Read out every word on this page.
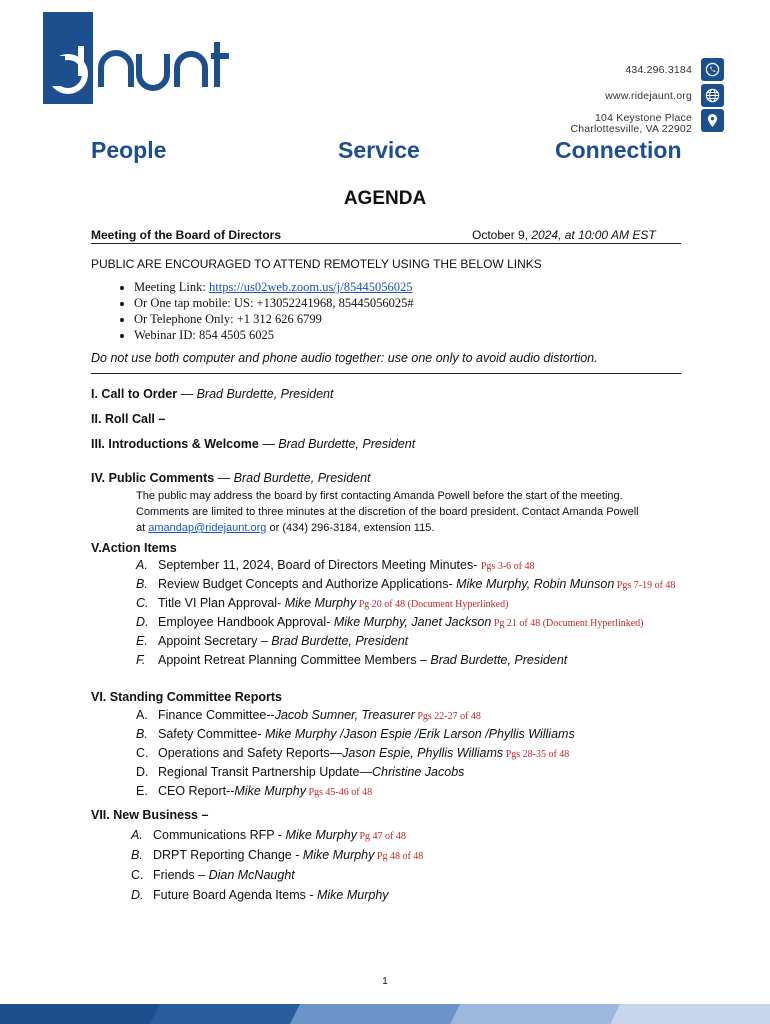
Jaunt
434.296.3184
www.ridejaunt.org
104 Keystone Place
Charlottesville, VA 22902
People	Service	Connection
AGENDA
Meeting of the Board of Directors	October 9, 2024, at 10:00 AM EST
PUBLIC ARE ENCOURAGED TO ATTEND REMOTELY USING THE BELOW LINKS
• Meeting Link: https://us02web.zoom.us/j/85445056025
• Or One tap mobile: US: +13052241968, 85445056025#
• Or Telephone Only: +1 312 626 6799
• Webinar ID: 854 4505 6025
Do not use both computer and phone audio together: use one only to avoid audio distortion.
I. Call to Order — Brad Burdette, President
II. Roll Call –
III. Introductions & Welcome — Brad Burdette, President
IV. Public Comments — Brad Burdette, President
The public may address the board by first contacting Amanda Powell before the start of the meeting.
Comments are limited to three minutes at the discretion of the board president. Contact Amanda Powell
at amandap@ridejaunt.org or (434) 296-3184, extension 115.
V.Action Items
A. September 11, 2024, Board of Directors Meeting Minutes- Pgs 3-6 of 48
B. Review Budget Concepts and Authorize Applications- Mike Murphy, Robin Munson Pgs 7-19 of 48
C. Title VI Plan Approval- Mike Murphy Pg 20 of 48 (Document Hyperlinked)
D. Employee Handbook Approval- Mike Murphy, Janet Jackson Pg 21 of 48 (Document Hyperlinked)
E. Appoint Secretary – Brad Burdette, President
F. Appoint Retreat Planning Committee Members – Brad Burdette, President
VI. Standing Committee Reports
A. Finance Committee--Jacob Sumner, Treasurer Pgs 22-27 of 48
B. Safety Committee- Mike Murphy /Jason Espie /Erik Larson /Phyllis Williams
C. Operations and Safety Reports—Jason Espie, Phyllis Williams Pgs 28-35 of 48
D. Regional Transit Partnership Update—Christine Jacobs
E. CEO Report--Mike Murphy Pgs 45-46 of 48
VII. New Business –
A. Communications RFP - Mike Murphy Pg 47 of 48
B. DRPT Reporting Change - Mike Murphy Pg 48 of 48
C. Friends – Dian McNaught
D. Future Board Agenda Items - Mike Murphy
1
